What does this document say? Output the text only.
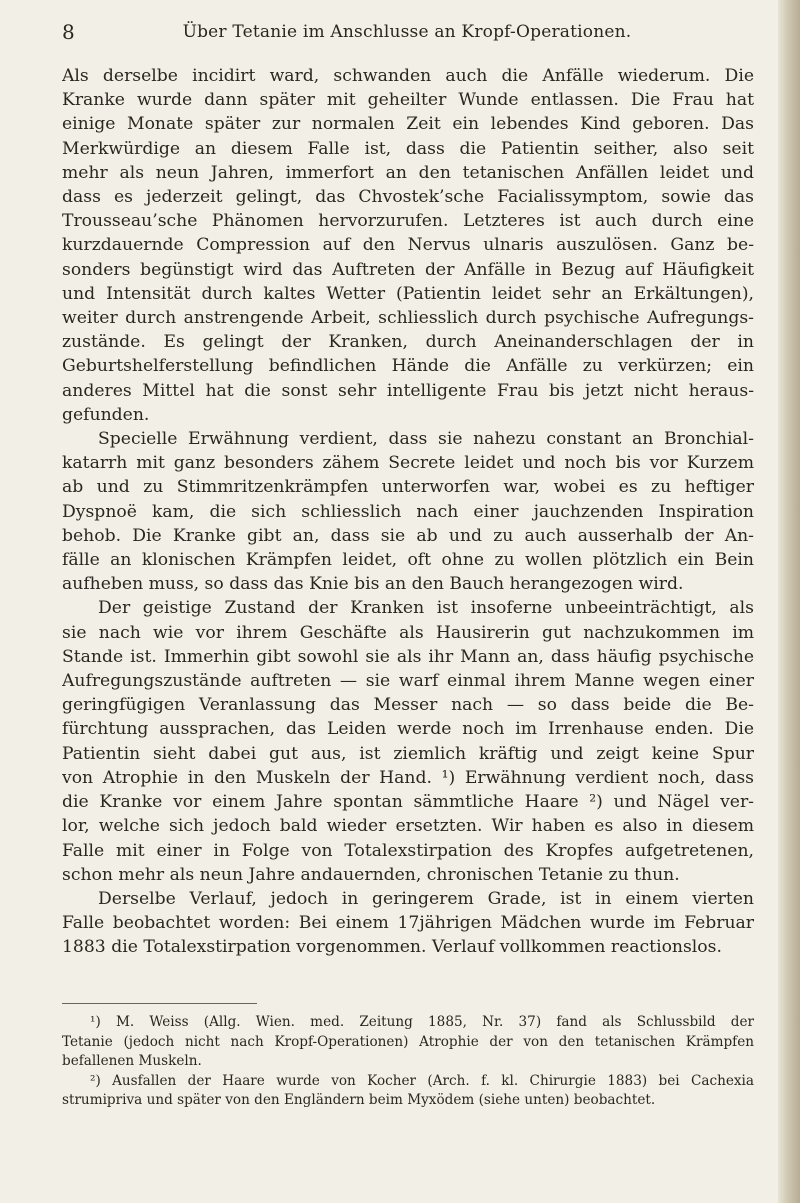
8	Über Tetanie im Anschlusse an Kropf-Operationen.
Als derselbe incidirt ward, schwanden auch die Anfälle wiederum. Die
Kranke wurde dann später mit geheilter Wunde entlassen. Die Frau hat
einige Monate später zur normalen Zeit ein lebendes Kind geboren. Das
Merkwürdige an diesem Falle ist, dass die Patientin seither, also seit
mehr als neun Jahren, immerfort an den tetanischen Anfällen leidet und
dass es jederzeit gelingt, das Chvostek’sche Facialissymptom, sowie das
Trousseau’sche Phänomen hervorzurufen. Letzteres ist auch durch eine
kurzdauernde Compression auf den Nervus ulnaris auszulösen. Ganz be-
sonders begünstigt wird das Auftreten der Anfälle in Bezug auf Häufigkeit
und Intensität durch kaltes Wetter (Patientin leidet sehr an Erkältungen),
weiter durch anstrengende Arbeit, schliesslich durch psychische Aufregungs-
zustände. Es gelingt der Kranken, durch Aneinanderschlagen der in
Geburtshelferstellung befindlichen Hände die Anfälle zu verkürzen; ein
anderes Mittel hat die sonst sehr intelligente Frau bis jetzt nicht heraus-
gefunden.
Specielle Erwähnung verdient, dass sie nahezu constant an Bronchial-
katarrh mit ganz besonders zähem Secrete leidet und noch bis vor Kurzem
ab und zu Stimmritzenkrämpfen unterworfen war, wobei es zu heftiger
Dyspnoë kam, die sich schliesslich nach einer jauchzenden Inspiration
behob. Die Kranke gibt an, dass sie ab und zu auch ausserhalb der An-
fälle an klonischen Krämpfen leidet, oft ohne zu wollen plötzlich ein Bein
aufheben muss, so dass das Knie bis an den Bauch herangezogen wird.
Der geistige Zustand der Kranken ist insoferne unbeeinträchtigt, als
sie nach wie vor ihrem Geschäfte als Hausirerin gut nachzukommen im
Stande ist. Immerhin gibt sowohl sie als ihr Mann an, dass häufig psychische
Aufregungszustände auftreten — sie warf einmal ihrem Manne wegen einer
geringfügigen Veranlassung das Messer nach — so dass beide die Be-
fürchtung aussprachen, das Leiden werde noch im Irrenhause enden. Die
Patientin sieht dabei gut aus, ist ziemlich kräftig und zeigt keine Spur
von Atrophie in den Muskeln der Hand. ¹) Erwähnung verdient noch, dass
die Kranke vor einem Jahre spontan sämmtliche Haare ²) und Nägel ver-
lor, welche sich jedoch bald wieder ersetzten. Wir haben es also in diesem
Falle mit einer in Folge von Totalexstirpation des Kropfes aufgetretenen,
schon mehr als neun Jahre andauernden, chronischen Tetanie zu thun.
Derselbe Verlauf, jedoch in geringerem Grade, ist in einem vierten
Falle beobachtet worden: Bei einem 17jährigen Mädchen wurde im Februar
1883 die Totalexstirpation vorgenommen. Verlauf vollkommen reactionslos.
¹) M. Weiss (Allg. Wien. med. Zeitung 1885, Nr. 37) fand als Schlussbild der
Tetanie (jedoch nicht nach Kropf-Operationen) Atrophie der von den tetanischen Krämpfen
befallenen Muskeln.
²) Ausfallen der Haare wurde von Kocher (Arch. f. kl. Chirurgie 1883) bei Cachexia
strumipriva und später von den Engländern beim Myxödem (siehe unten) beobachtet.
